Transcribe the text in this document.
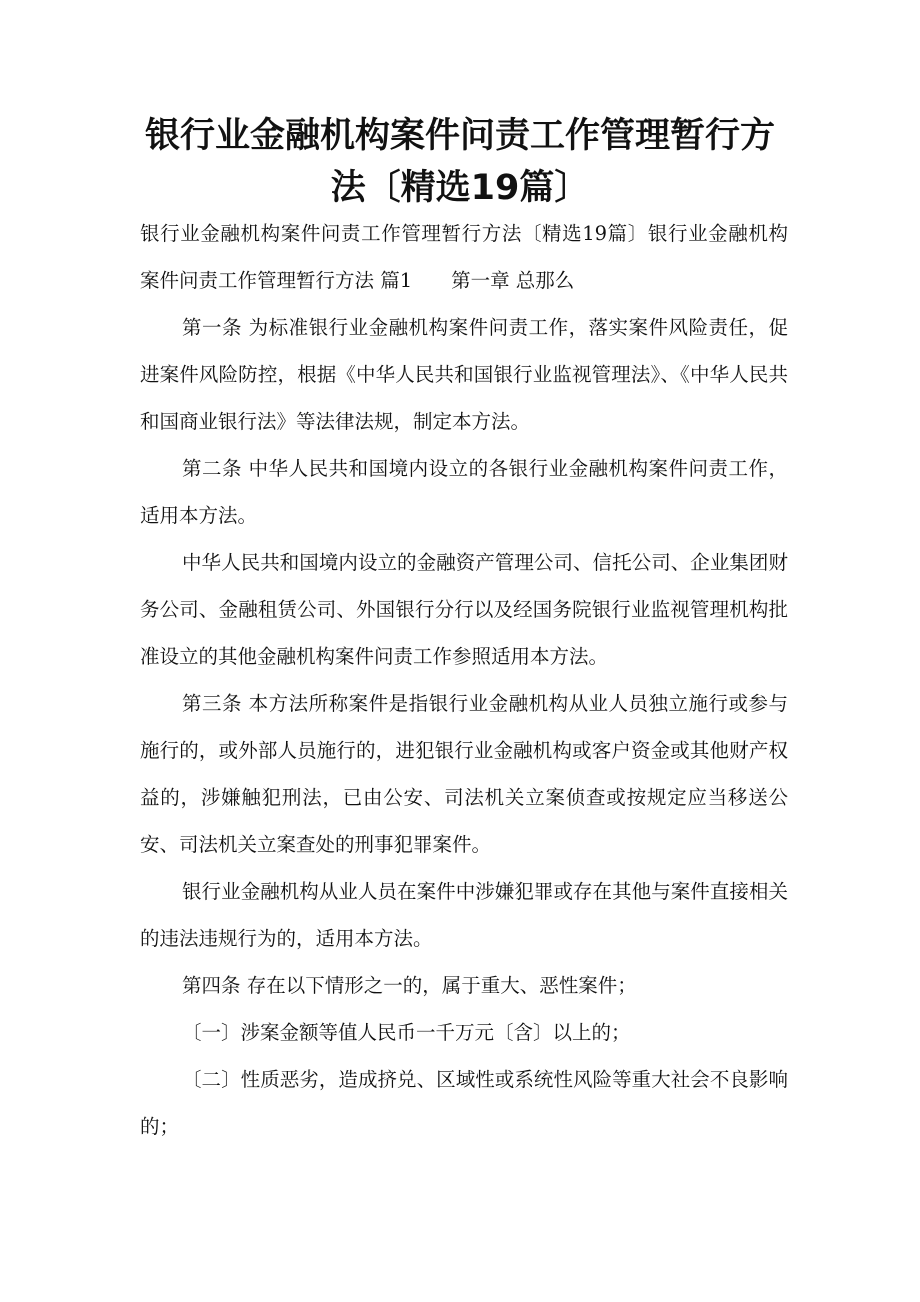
银行业金融机构案件问责工作管理暂行方法〔精选19篇〕

银行业金融机构案件问责工作管理暂行方法〔精选19篇〕银行业金融机构案件问责工作管理暂行方法 篇1　　第一章 总那么

第一条 为标准银行业金融机构案件问责工作，落实案件风险责任，促进案件风险防控，根据《中华人民共和国银行业监视管理法》、《中华人民共和国商业银行法》等法律法规，制定本方法。

第二条 中华人民共和国境内设立的各银行业金融机构案件问责工作，适用本方法。

中华人民共和国境内设立的金融资产管理公司、信托公司、企业集团财务公司、金融租赁公司、外国银行分行以及经国务院银行业监视管理机构批准设立的其他金融机构案件问责工作参照适用本方法。

第三条 本方法所称案件是指银行业金融机构从业人员独立施行或参与施行的，或外部人员施行的，进犯银行业金融机构或客户资金或其他财产权益的，涉嫌触犯刑法，已由公安、司法机关立案侦查或按规定应当移送公安、司法机关立案查处的刑事犯罪案件。

银行业金融机构从业人员在案件中涉嫌犯罪或存在其他与案件直接相关的违法违规行为的，适用本方法。

第四条 存在以下情形之一的，属于重大、恶性案件；

〔一〕涉案金额等值人民币一千万元〔含〕以上的；

〔二〕性质恶劣，造成挤兑、区域性或系统性风险等重大社会不良影响的；
